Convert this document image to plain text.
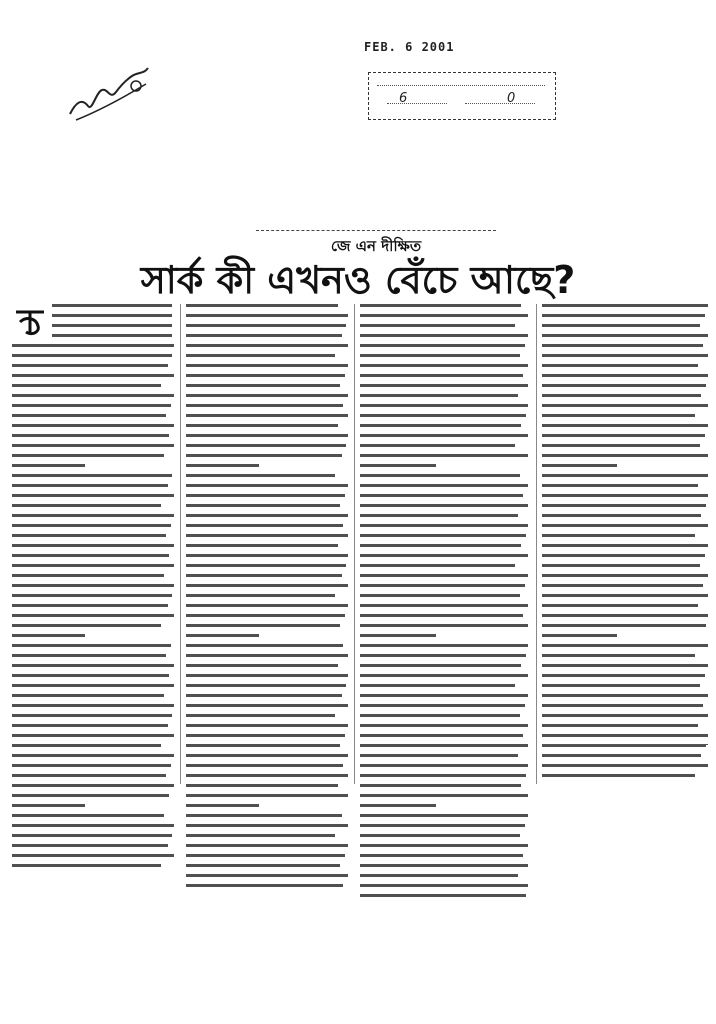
FEB. 6 2001
6	0
জে এন দীক্ষিত
সার্ক কী এখনও বেঁচে আছে?
